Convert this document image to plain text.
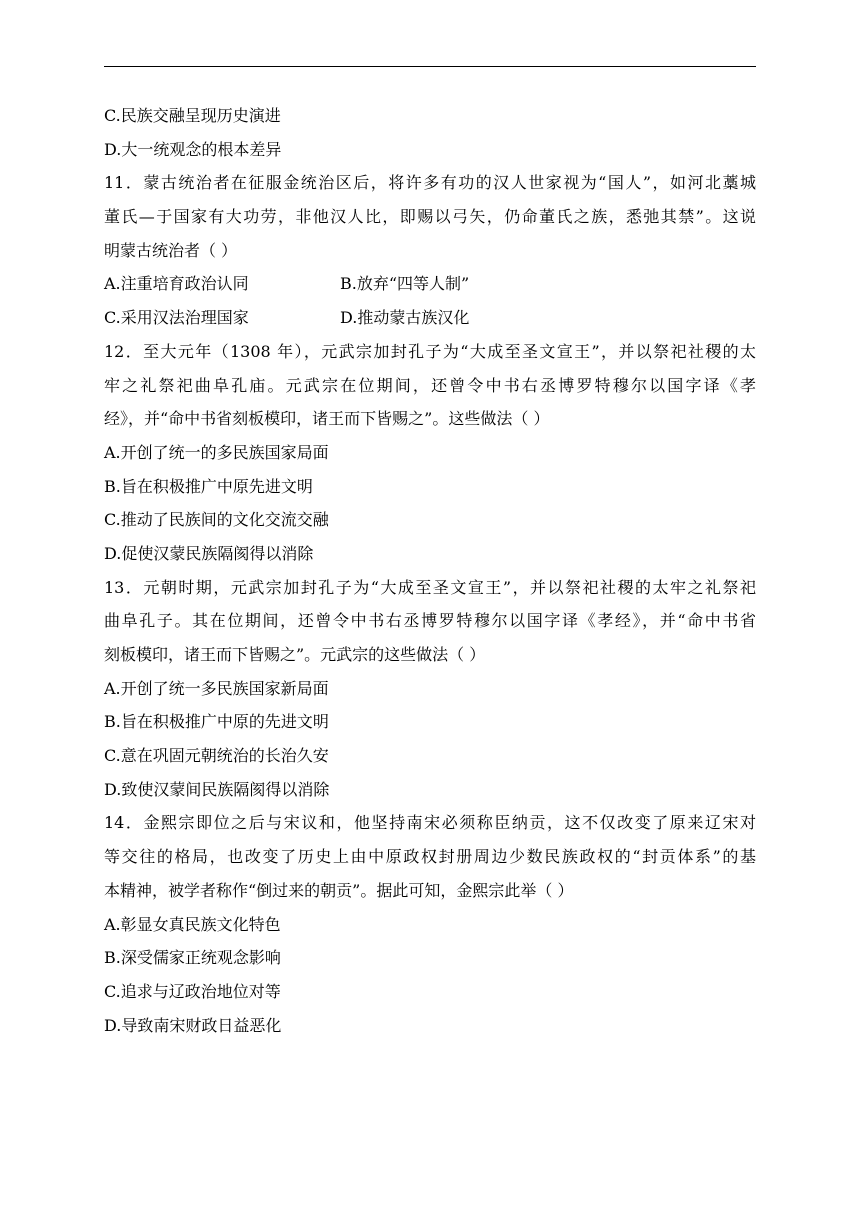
C.民族交融呈现历史演进
D.大一统观念的根本差异
11．蒙古统治者在征服金统治区后，将许多有功的汉人世家视为“国人”，如河北藁城
董氏—于国家有大功劳，非他汉人比，即赐以弓矢，仍命董氏之族，悉弛其禁”。这说
明蒙古统治者（ ）
A.注重培育政治认同	B.放弃“四等人制”
C.采用汉法治理国家	D.推动蒙古族汉化
12．至大元年（1308 年），元武宗加封孔子为“大成至圣文宣王”，并以祭祀社稷的太
牢之礼祭祀曲阜孔庙。元武宗在位期间，还曾令中书右丞博罗特穆尔以国字译《孝
经》，并“命中书省刻板模印，诸王而下皆赐之”。这些做法（ ）
A.开创了统一的多民族国家局面
B.旨在积极推广中原先进文明
C.推动了民族间的文化交流交融
D.促使汉蒙民族隔阂得以消除
13．元朝时期，元武宗加封孔子为“大成至圣文宣王”，并以祭祀社稷的太牢之礼祭祀
曲阜孔子。其在位期间，还曾令中书右丞博罗特穆尔以国字译《孝经》，并“命中书省
刻板模印，诸王而下皆赐之”。元武宗的这些做法（ ）
A.开创了统一多民族国家新局面
B.旨在积极推广中原的先进文明
C.意在巩固元朝统治的长治久安
D.致使汉蒙间民族隔阂得以消除
14．金熙宗即位之后与宋议和，他坚持南宋必须称臣纳贡，这不仅改变了原来辽宋对
等交往的格局，也改变了历史上由中原政权封册周边少数民族政权的“封贡体系”的基
本精神，被学者称作“倒过来的朝贡”。据此可知，金熙宗此举（ ）
A.彰显女真民族文化特色
B.深受儒家正统观念影响
C.追求与辽政治地位对等
D.导致南宋财政日益恶化
